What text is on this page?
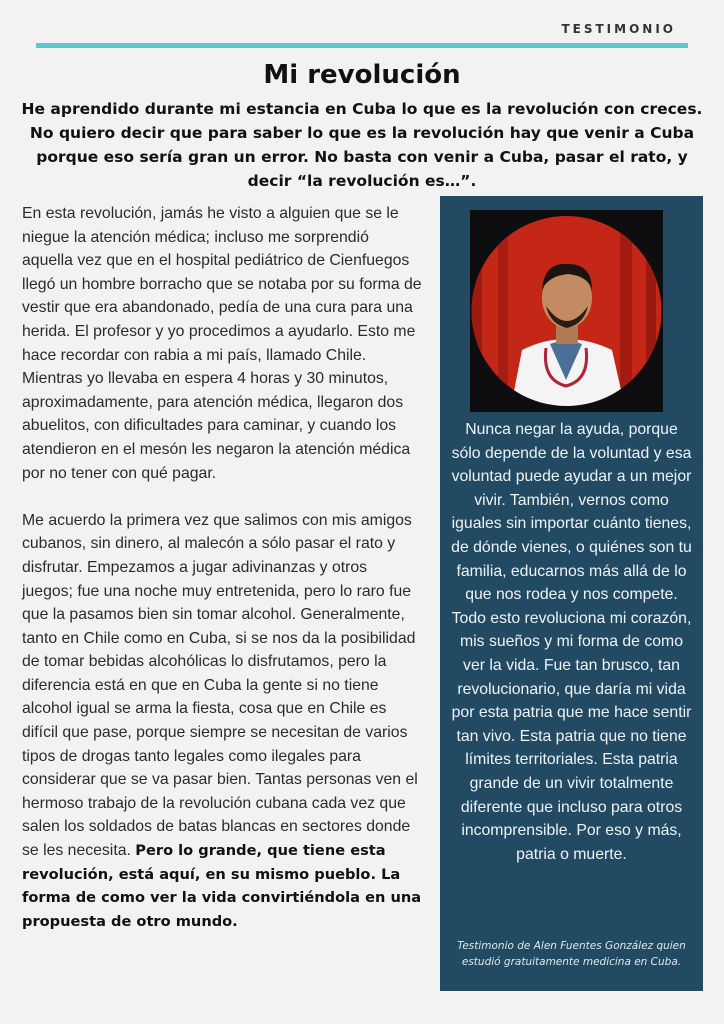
TESTIMONIO
Mi revolución
He aprendido durante mi estancia en Cuba lo que es la revolución con creces. No quiero decir que para saber lo que es la revolución hay que venir a Cuba porque eso sería gran un error. No basta con venir a Cuba, pasar el rato, y decir “la revolución es…”.

En esta revolución, jamás he visto a alguien que se le niegue la atención médica; incluso me sorprendió aquella vez que en el hospital pediátrico de Cienfuegos llegó un hombre borracho que se notaba por su forma de vestir que era abandonado, pedía de una cura para una herida. El profesor y yo procedimos a ayudarlo. Esto me hace recordar con rabia a mi país, llamado Chile. Mientras yo llevaba en espera 4 horas y 30 minutos, aproximadamente, para atención médica, llegaron dos abuelitos, con dificultades para caminar, y cuando los atendieron en el mesón les negaron la atención médica por no tener con qué pagar.

Me acuerdo la primera vez que salimos con mis amigos cubanos, sin dinero, al malecón a sólo pasar el rato y disfrutar. Empezamos a jugar adivinanzas y otros juegos; fue una noche muy entretenida, pero lo raro fue que la pasamos bien sin tomar alcohol. Generalmente, tanto en Chile como en Cuba, si se nos da la posibilidad de tomar bebidas alcohólicas lo disfrutamos, pero la diferencia está en que en Cuba la gente si no tiene alcohol igual se arma la fiesta, cosa que en Chile es difícil que pase, porque siempre se necesitan de varios tipos de drogas tanto legales como ilegales para considerar que se va pasar bien. Tantas personas ven el hermoso trabajo de la revolución cubana cada vez que salen los soldados de batas blancas en sectores donde se les necesita. Pero lo grande, que tiene esta revolución, está aquí, en su mismo pueblo. La forma de como ver la vida convirtiéndola en una propuesta de otro mundo.

Nunca negar la ayuda, porque sólo depende de la voluntad y esa voluntad puede ayudar a un mejor vivir. También, vernos como iguales sin importar cuánto tienes, de dónde vienes, o quiénes son tu familia, educarnos más allá de lo que nos rodea y nos compete. Todo esto revoluciona mi corazón, mis sueños y mi forma de como ver la vida. Fue tan brusco, tan revolucionario, que daría mi vida por esta patria que me hace sentir tan vivo. Esta patria que no tiene límites territoriales. Esta patria grande de un vivir totalmente diferente que incluso para otros incomprensible. Por eso y más, patria o muerte.
Testimonio de Alen Fuentes González quien estudió gratuitamente medicina en Cuba.
